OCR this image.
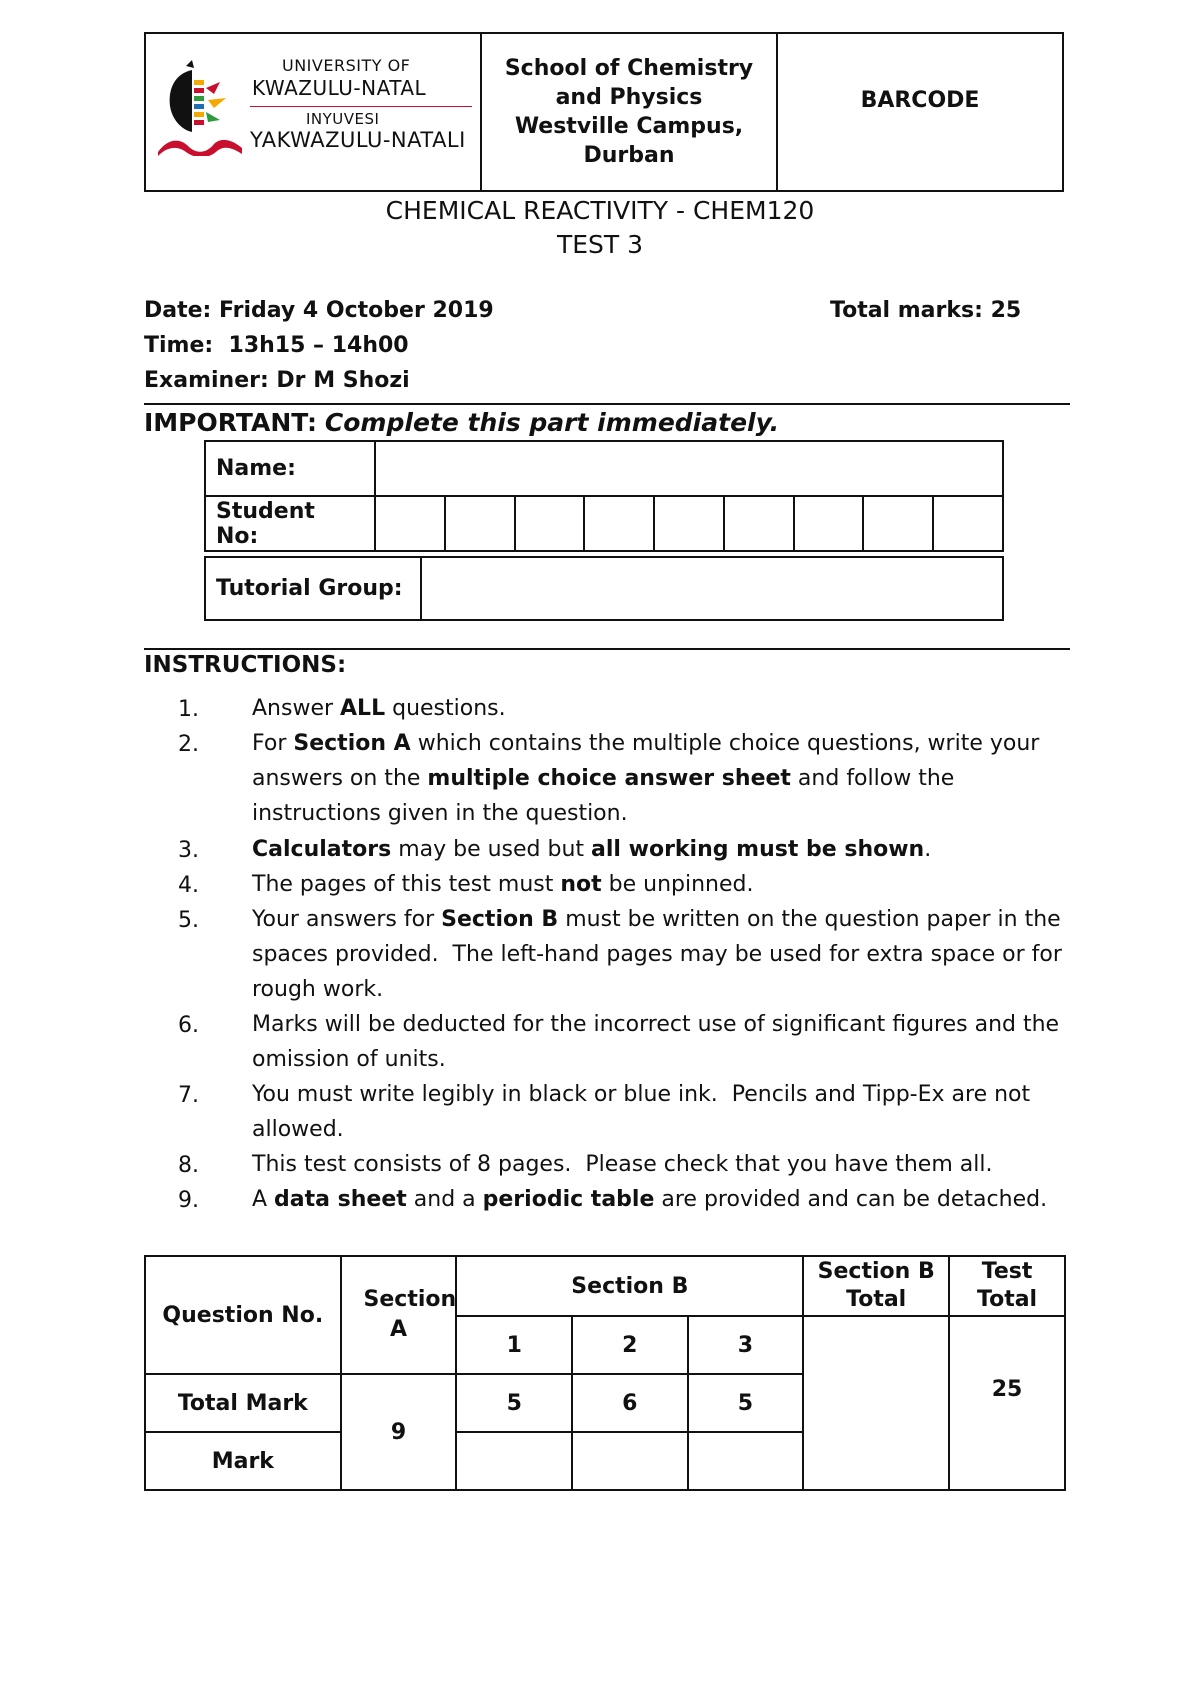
UNIVERSITY OF
KWAZULU-NATAL
INYUVESI
YAKWAZULU-NATALI
School of Chemistry
and Physics
Westville Campus,
Durban
BARCODE
CHEMICAL REACTIVITY - CHEM120
TEST 3
Date: Friday 4 October 2019	Total marks: 25
Time:  13h15 – 14h00
Examiner: Dr M Shozi
IMPORTANT: Complete this part immediately.
Name:									
Student No:									
Tutorial Group:	
INSTRUCTIONS:
1.	Answer ALL questions.
2.	For Section A which contains the multiple choice questions, write your answers on the multiple choice answer sheet and follow the instructions given in the question.
3.	Calculators may be used but all working must be shown.
4.	The pages of this test must not be unpinned.
5.	Your answers for Section B must be written on the question paper in the spaces provided.  The left-hand pages may be used for extra space or for rough work.
6.	Marks will be deducted for the incorrect use of significant figures and the omission of units.
7.	You must write legibly in black or blue ink.  Pencils and Tipp-Ex are not allowed.
8.	This test consists of 8 pages.  Please check that you have them all.
9.	A data sheet and a periodic table are provided and can be detached.
Question No.	Section A	Section B			Section B Total	Test Total

		1	2	3		25
Total Mark	9	5	6	5		
Mark						
